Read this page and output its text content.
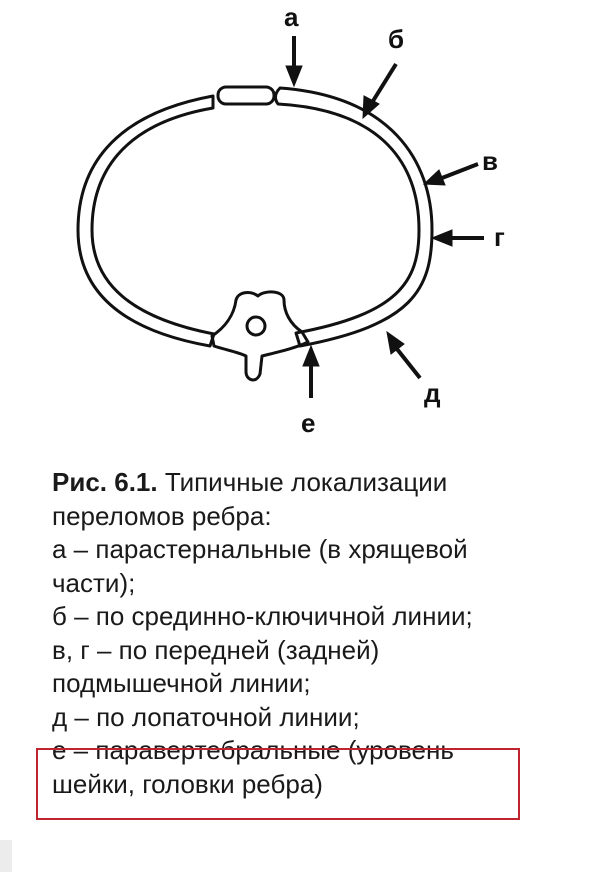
а
б
в
г
д
е
Рис. 6.1. Типичные локализации
переломов ребра:
а – парастернальные (в хрящевой
части);
б – по срединно-ключичной линии;
в, г – по передней (задней)
подмышечной линии;
д – по лопаточной линии;
е – паравертебральные (уровень
шейки, головки ребра)
